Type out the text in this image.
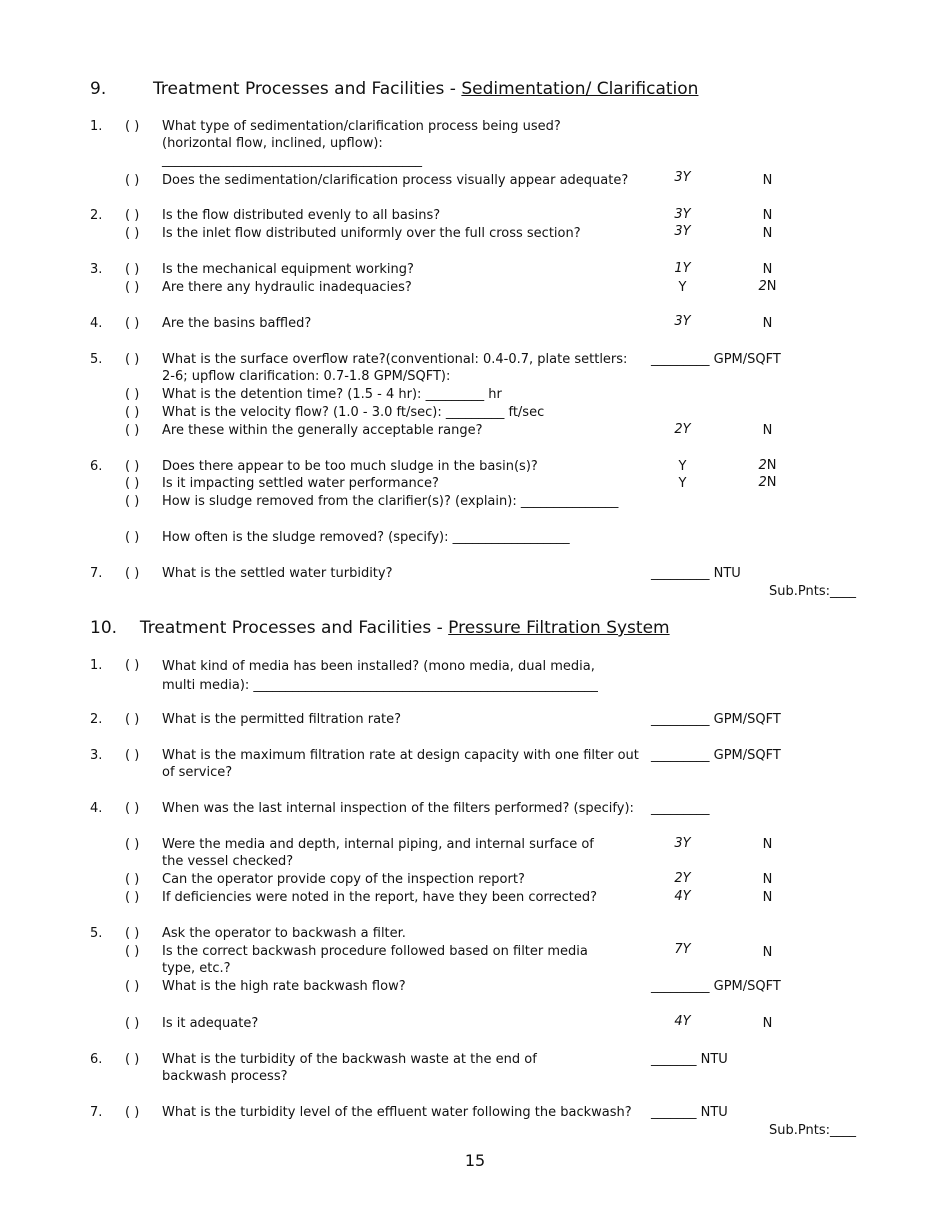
9.	Treatment Processes and Facilities - Sedimentation/ Clarification
1. ( ) What type of sedimentation/clarification process being used? (horizontal flow, inclined, upflow): ________________________________________
( ) Does the sedimentation/clarification process visually appear adequate?	3Y	N
2. ( ) Is the flow distributed evenly to all basins?	3Y	N
( ) Is the inlet flow distributed uniformly over the full cross section?	3Y	N
3. ( ) Is the mechanical equipment working?	1Y	N
( ) Are there any hydraulic inadequacies?	Y	2N
4. ( ) Are the basins baffled?	3Y	N
5. ( ) What is the surface overflow rate?(conventional: 0.4-0.7, plate settlers: 2-6; upflow clarification: 0.7-1.8 GPM/SQFT):
_________ GPM/SQFT
( ) What is the detention time? (1.5 - 4 hr): _________ hr
( ) What is the velocity flow? (1.0 - 3.0 ft/sec): _________ ft/sec
( ) Are these within the generally acceptable range?	2Y	N
6. ( ) Does there appear to be too much sludge in the basin(s)?	Y	2N
( ) Is it impacting settled water performance?	Y	2N
( ) How is sludge removed from the clarifier(s)? (explain): _______________
( ) How often is the sludge removed? (specify): __________________
7. ( ) What is the settled water turbidity?	_________ NTU
Sub.Pnts:____
10. Treatment Processes and Facilities - Pressure Filtration System
1. ( ) What kind of media has been installed? (mono media, dual media, multi media): _____________________________________________________
2. ( ) What is the permitted filtration rate?	_________ GPM/SQFT
3. ( ) What is the maximum filtration rate at design capacity with one filter out of service?
_________ GPM/SQFT
4. ( ) When was the last internal inspection of the filters performed? (specify):	_________
( ) Were the media and depth, internal piping, and internal surface of the vessel checked?
3Y	N
( ) Can the operator provide copy of the inspection report?	2Y	N
( ) If deficiencies were noted in the report, have they been corrected?	4Y	N
5. ( ) Ask the operator to backwash a filter.
( ) Is the correct backwash procedure followed based on filter media type, etc.?
7Y	N
( ) What is the high rate backwash flow?	_________ GPM/SQFT
( ) Is it adequate?	4Y	N
6. ( ) What is the turbidity of the backwash waste at the end of backwash process?
_______ NTU
7. ( ) What is the turbidity level of the effluent water following the backwash?	_______ NTU
Sub.Pnts:____
15
